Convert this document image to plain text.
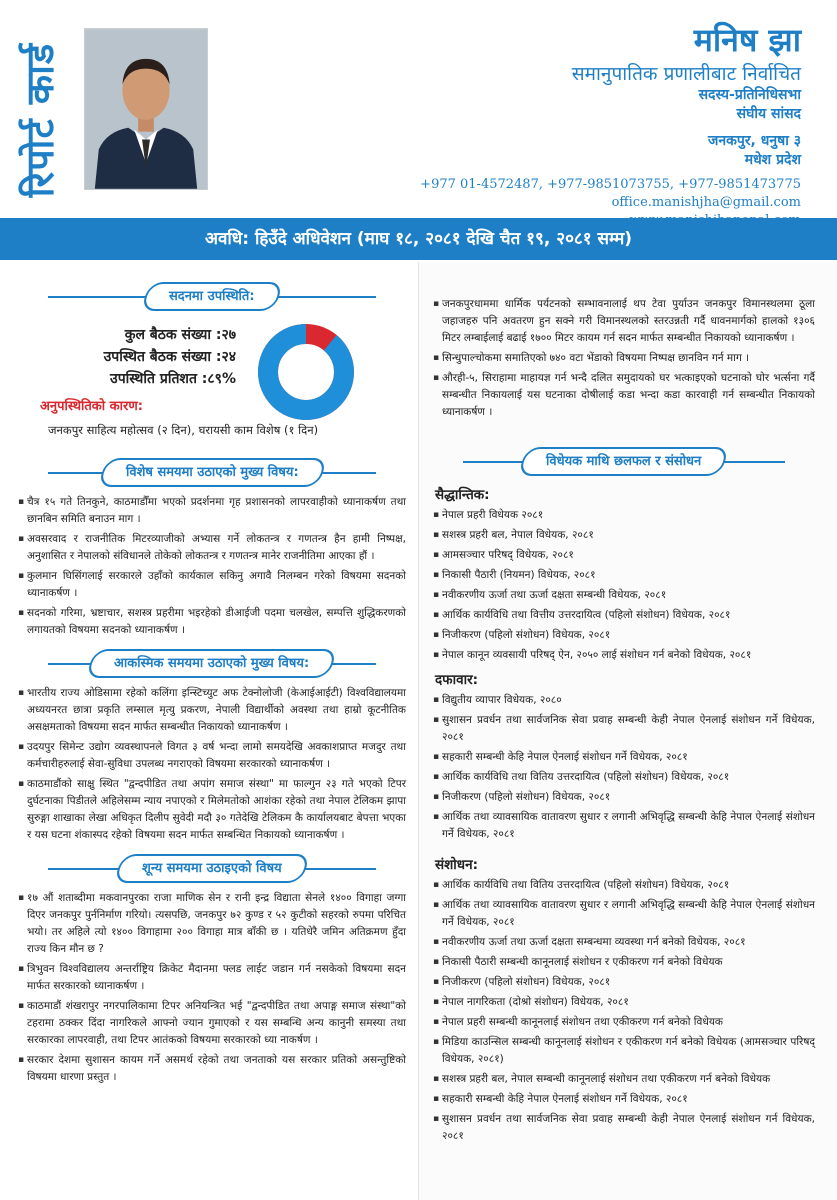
रिपोर्ट कार्ड
मनिष झा
समानुपातिक प्रणालीबाट निर्वाचित
सदस्य-प्रतिनिधिसभा
संघीय सांसद
जनकपुर, धनुषा ३
मधेश प्रदेश
+977 01-4572487, +977-9851073755, +977-9851473775
office.manishjha@gmail.com
अवधि: हिउँदे अधिवेशन (माघ १८, २०८१ देखि चैत १९, २०८१ सम्म)
सदनमा उपस्थिति:
कुल बैठक संख्या :२७
उपस्थित बैठक संख्या :२४
उपस्थिति प्रतिशत :८९%
अनुपस्थितिको कारण:
जनकपुर साहित्य महोत्सव (२ दिन), घरायसी काम विशेष (१ दिन)
विशेष समयमा उठाएको मुख्य विषय:
▪ चैत्र १५ गते तिनकुने, काठमाडौँमा भएको प्रदर्शनमा गृह प्रशासनको लापरवाहीको ध्यानाकर्षण तथा छानबिन समिति बनाउन माग ।
▪ अवसरवाद र राजनीतिक मिटरव्याजीको अभ्यास गर्ने लोकतन्त्र र गणतन्त्र हैन हामी निष्पक्ष, अनुशासित र नेपालको संविधानले तोकेको लोकतन्त्र र गणतन्त्र मानेर राजनीतिमा आएका हौं ।
▪ कुलमान घिसिंगलाई सरकारले उहाँको कार्यकाल सकिनु अगावै निलम्बन गरेको विषयमा सदनको ध्यानाकर्षण ।
▪ सदनको गरिमा, भ्रष्टाचार, सशस्त्र प्रहरीमा भइरहेको डीआईजी पदमा चलखेल, सम्पत्ति शुद्धिकरणको लगायतको विषयमा सदनको ध्यानाकर्षण ।
आकस्मिक समयमा उठाएको मुख्य विषय:
▪ भारतीय राज्य ओडिसामा रहेको कलिंगा इन्स्टिच्युट अफ टेक्नोलोजी (केआईआईटी) विश्वविद्यालयमा अध्ययनरत छात्रा प्रकृति लम्साल मृत्यु प्रकरण, नेपाली विद्यार्थीको अवस्था तथा हाम्रो कूटनीतिक असक्षमताको विषयमा सदन मार्फत सम्बन्धीत निकायको ध्यानाकर्षण ।
▪ उदयपुर सिमेन्ट उद्योग व्यवस्थापनले विगत ३ वर्ष भन्दा लामो समयदेखि अवकाशप्राप्त मजदुर तथा कर्मचारीहरुलाई सेवा-सुविधा उपलब्ध नगराएको विषयमा सरकारको ध्यानाकर्षण ।
▪ काठमाडौंको साक्षु स्थित "द्वन्दपीडित तथा अपांग समाज संस्था" मा फाल्गुन २३ गते भएको टिपर दुर्घटनाका पिडीतले अहिलेसम्म न्याय नपाएको र मिलेमतोको आशंका रहेको तथा नेपाल टेलिकम झापा सुरुङ्गा शाखाका लेखा अधिकृत दिलीप सुवेदी मदौ ३० गतेदेखि टेलिकम कै कार्यालयबाट बेपत्ता भएका र यस घटना शंकास्पद रहेको विषयमा सदन मार्फत सम्बन्धित निकायको ध्यानाकर्षण ।
शून्य समयमा उठाइएको विषय
▪ १७ औं शताब्दीमा मकवानपुरका राजा माणिक सेन र रानी इन्द्र विद्याता सेनले १४०० विगाहा जग्गा दिएर जनकपुर पुर्ननिर्माण गरियो। त्यसपछि, जनकपुर ७२ कुण्ड र ५२ कुटीको सहरको रुपमा परिचित भयो। तर अहिले त्यो १४०० विगाहामा २०० विगाहा मात्र बाँकी छ । यतिधेरै जमिन अतिक्रमण हुँदा राज्य किन मौन छ ?
▪ त्रिभुवन विश्वविद्यालय अन्तर्राष्ट्रिय क्रिकेट मैदानमा फ्लड लाईट जडान गर्न नसकेको विषयमा सदन मार्फत सरकारको ध्यानाकर्षण ।
▪ काठमाडौं शंखरापुर नगरपालिकामा टिपर अनियन्त्रित भई "द्वन्दपीडित तथा अपाङ्ग समाज संस्था"को टहरामा ठक्कर दिंदा नागरिकले आफ्नो ज्यान गुमाएको र यस सम्बन्धि अन्य कानुनी समस्या तथा सरकारका लापरवाही, तथा टिपर आतंकको विषयमा सरकारको ध्या नाकर्षण ।
▪ सरकार देशमा सुशासन कायम गर्ने असमर्थ रहेको तथा जनताको यस सरकार प्रतिको असन्तुष्टिको विषयमा धारणा प्रस्तुत ।
▪ जनकपुरधाममा धार्मिक पर्यटनको सम्भावनालाई थप टेवा पुर्याउन जनकपुर विमानस्थलमा ठूला जहाजहरु पनि अवतरण हुन सक्ने गरी विमानस्थलको स्तरउन्नती गर्दै धावनमार्गको हालको १३०६ मिटर लम्बाईलाई बढाई १७०० मिटर कायम गर्न सदन मार्फत सम्बन्धीत निकायको ध्यानाकर्षण ।
▪ सिन्धुपाल्चोकमा समातिएको ७४० वटा भेंडाको विषयमा निष्पक्ष छानविन गर्न माग ।
▪ औरही-५, सिराहामा माहायज्ञ गर्न भन्दै दलित समुदायको घर भत्काइएको घटनाको घोर भर्त्सना गर्दै सम्बन्धीत निकायलाई यस घटनाका दोषीलाई कडा भन्दा कडा कारवाही गर्न सम्बन्धीत निकायको ध्यानाकर्षण ।
विधेयक माथि छलफल र संसोधन
सैद्धान्तिक:
▪ नेपाल प्रहरी विधेयक २०८१
▪ सशस्त्र प्रहरी बल, नेपाल विधेयक, २०८१
▪ आमसञ्चार परिषद् विधेयक, २०८१
▪ निकासी पैठारी (नियमन) विधेयक, २०८१
▪ नवीकरणीय ऊर्जा तथा ऊर्जा दक्षता सम्बन्धी विधेयक, २०८१
▪ आर्थिक कार्यविधि तथा वित्तीय उत्तरदायित्व (पहिलो संशोधन) विधेयक, २०८१
▪ निजीकरण (पहिलो संशोधन) विधेयक, २०८१
▪ नेपाल कानून व्यवसायी परिषद् ऐन, २०५० लाई संशोधन गर्न बनेको विधेयक, २०८१
दफावार:
▪ विद्युतीय व्यापार विधेयक, २०८०
▪ सुशासन प्रवर्धन तथा सार्वजनिक सेवा प्रवाह सम्बन्धी केही नेपाल ऐनलाई संशोधन गर्ने विधेयक, २०८१
▪ सहकारी सम्बन्धी केहि नेपाल ऐनलाई संशोधन गर्ने विधेयक, २०८१
▪ आर्थिक कार्यविधि तथा वितिय उत्तरदायित्व (पहिलो संशोधन) विधेयक, २०८१
▪ निजीकरण (पहिलो संशोधन) विधेयक, २०८१
▪ आर्थिक तथा व्यावसायिक वातावरण सुधार र लगानी अभिवृद्धि सम्बन्धी केहि नेपाल ऐनलाई संशोधन गर्ने विधेयक, २०८१
संशोधन:
▪ आर्थिक कार्यविधि तथा वितिय उत्तरदायित्व (पहिलो संशोधन) विधेयक, २०८१
▪ आर्थिक तथा व्यावसायिक वातावरण सुधार र लगानी अभिवृद्धि सम्बन्धी केहि नेपाल ऐनलाई संशोधन गर्ने विधेयक, २०८१
▪ नवीकरणीय ऊर्जा तथा ऊर्जा दक्षता सम्बन्धमा व्यवस्था गर्न बनेको विधेयक, २०८१
▪ निकासी पैठारी सम्बन्धी कानूनलाई संशोधन र एकीकरण गर्न बनेको विधेयक
▪ निजीकरण (पहिलो संशोधन) विधेयक, २०८१
▪ नेपाल नागरिकता (दोश्रो संशोधन) विधेयक, २०८१
▪ नेपाल प्रहरी सम्बन्धी कानूनलाई संशोधन तथा एकीकरण गर्न बनेको विधेयक
▪ मिडिया काउन्सिल सम्बन्धी कानूनलाई संशोधन र एकीकरण गर्न बनेको विधेयक (आमसञ्चार परिषद् विधेयक, २०८१)
▪ सशस्त्र प्रहरी बल, नेपाल सम्बन्धी कानूनलाई संशोधन तथा एकीकरण गर्न बनेको विधेयक
▪ सहकारी सम्बन्धी केहि नेपाल ऐनलाई संशोधन गर्ने विधेयक, २०८१
▪ सुशासन प्रवर्धन तथा सार्वजनिक सेवा प्रवाह सम्बन्धी केही नेपाल ऐनलाई संशोधन गर्न विधेयक, २०८१
